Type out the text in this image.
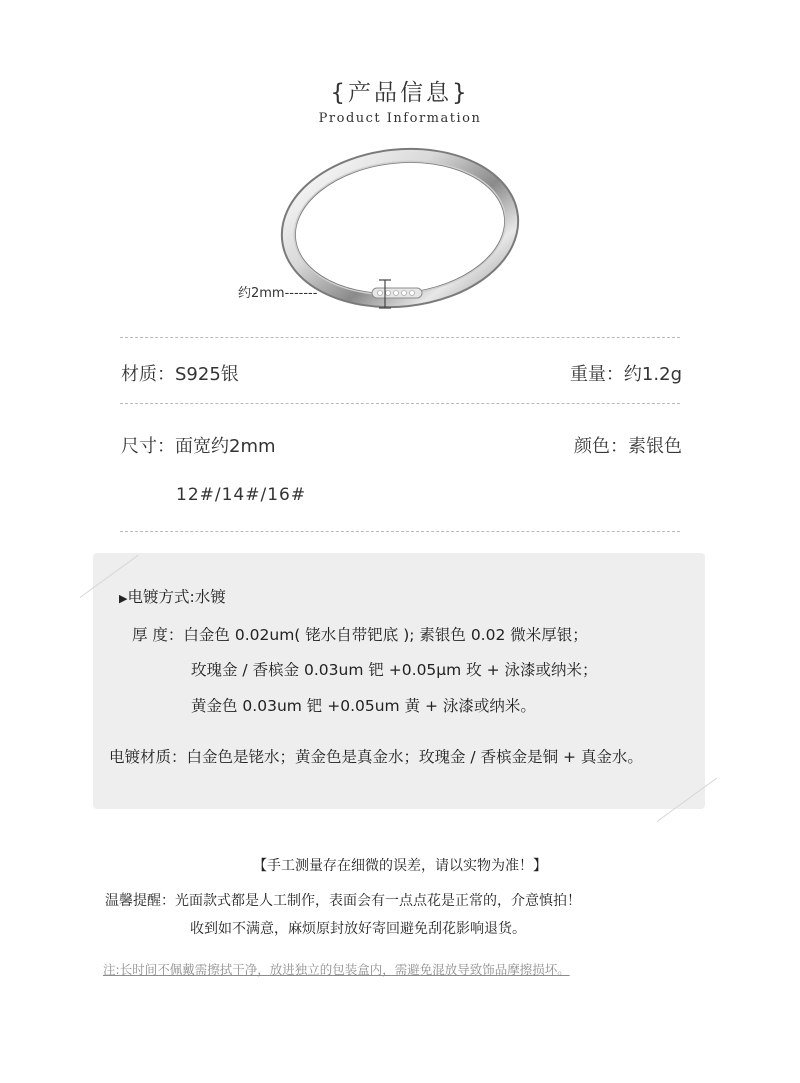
{产品信息}
Product Information
约2mm-------
材质：S925银	重量：约1.2g
尺寸：面宽约2mm	颜色：素银色
12#/14#/16#
▶电镀方式:水镀
厚 度：白金色 0.02um( 铑水自带钯底 ); 素银色 0.02 微米厚银；
玫瑰金 / 香槟金 0.03um 钯 +0.05μm 玫 + 泳漆或纳米；
黄金色 0.03um 钯 +0.05um 黄 + 泳漆或纳米。
电镀材质：白金色是铑水；黄金色是真金水；玫瑰金 / 香槟金是铜 + 真金水。
【手工测量存在细微的误差，请以实物为准！】
温馨提醒：光面款式都是人工制作，表面会有一点点花是正常的，介意慎拍！
收到如不满意，麻烦原封放好寄回避免刮花影响退货。
注:长时间不佩戴需擦拭干净，放进独立的包装盒内，需避免混放导致饰品摩擦损坏。
